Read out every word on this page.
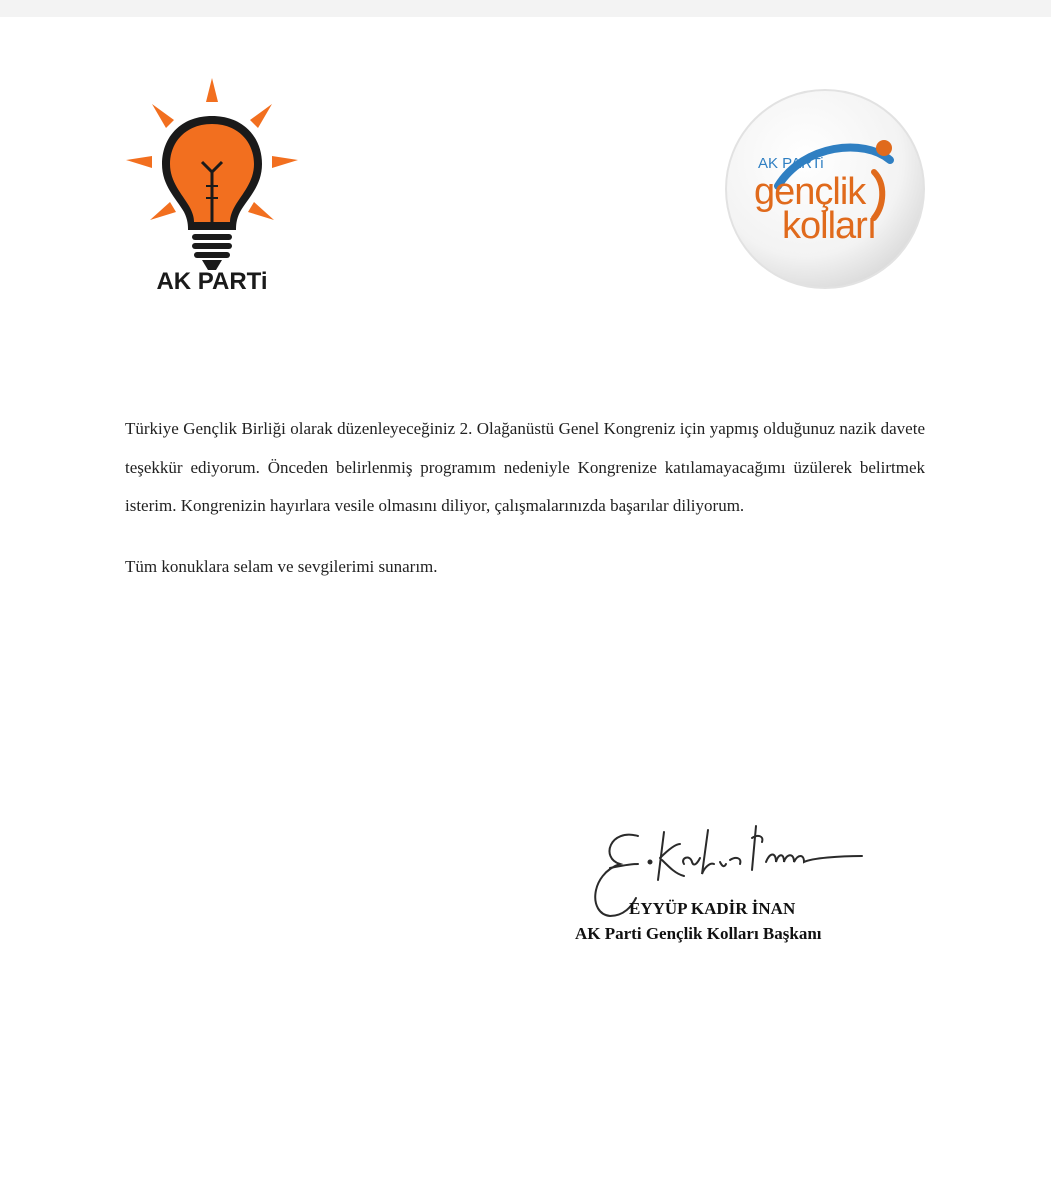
AK PARTi
AK PARTi
gençlik
kolları

Türkiye Gençlik Birliği olarak düzenleyeceğiniz 2. Olağanüstü Genel Kongreniz için yapmış olduğunuz nazik davete teşekkür ediyorum. Önceden belirlenmiş programım nedeniyle Kongrenize katılamayacağımı üzülerek belirtmek isterim. Kongrenizin hayırlara vesile olmasını diliyor, çalışmalarınızda başarılar diliyorum.

Tüm konuklara selam ve sevgilerimi sunarım.

EYYÜP KADİR İNAN
AK Parti Gençlik Kolları Başkanı
